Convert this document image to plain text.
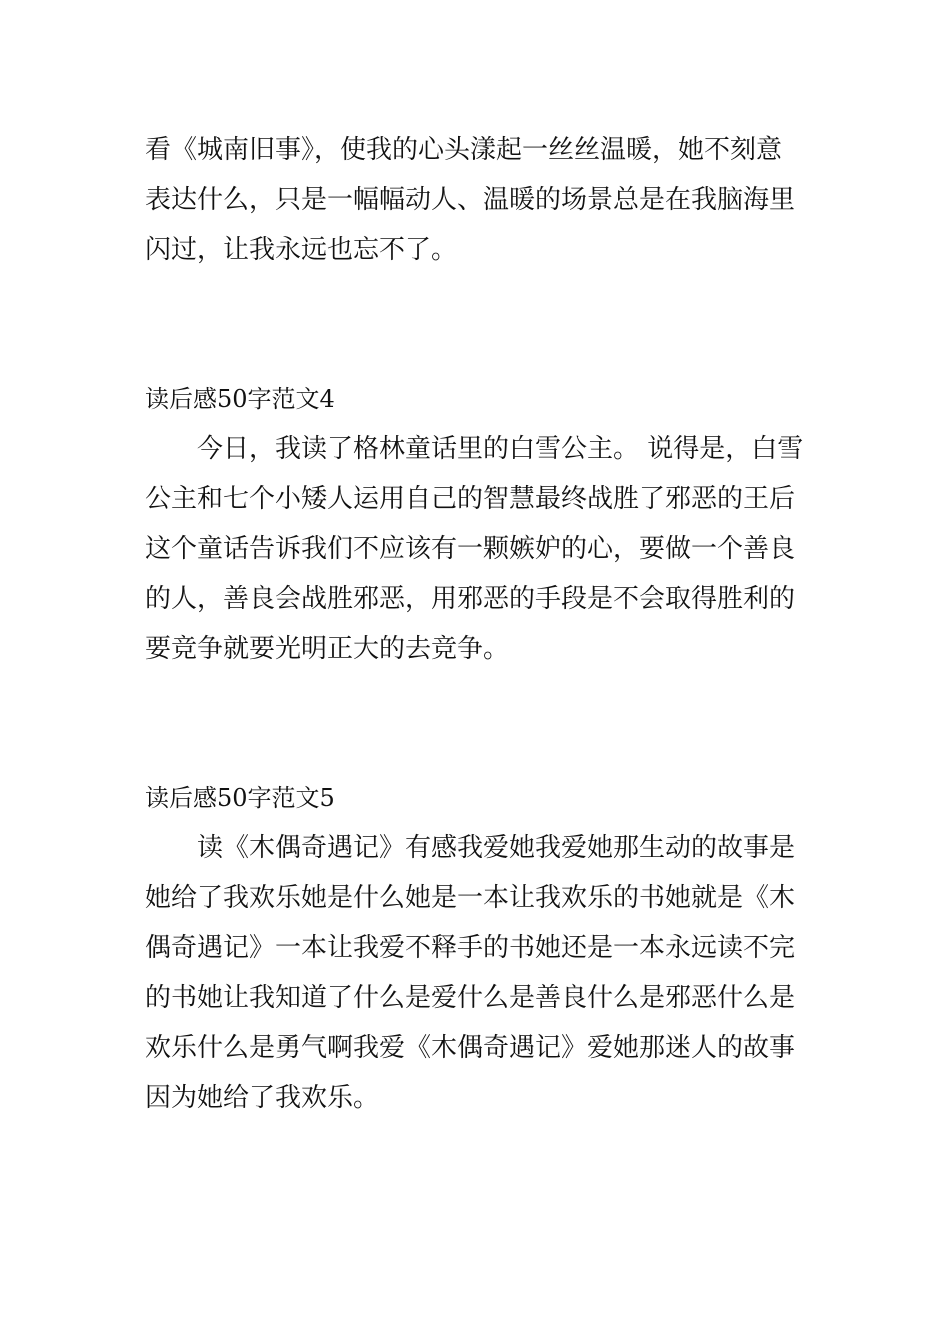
看《城南旧事》，使我的心头漾起一丝丝温暖，她不刻意
表达什么，只是一幅幅动人、温暖的场景总是在我脑海里
闪过，让我永远也忘不了。
读后感50字范文4
　　今日，我读了格林童话里的白雪公主。 说得是，白雪
公主和七个小矮人运用自己的智慧最终战胜了邪恶的王后
这个童话告诉我们不应该有一颗嫉妒的心，要做一个善良
的人，善良会战胜邪恶，用邪恶的手段是不会取得胜利的
要竞争就要光明正大的去竞争。
读后感50字范文5
　　读《木偶奇遇记》有感我爱她我爱她那生动的故事是
她给了我欢乐她是什么她是一本让我欢乐的书她就是《木
偶奇遇记》一本让我爱不释手的书她还是一本永远读不完
的书她让我知道了什么是爱什么是善良什么是邪恶什么是
欢乐什么是勇气啊我爱《木偶奇遇记》爱她那迷人的故事
因为她给了我欢乐。
